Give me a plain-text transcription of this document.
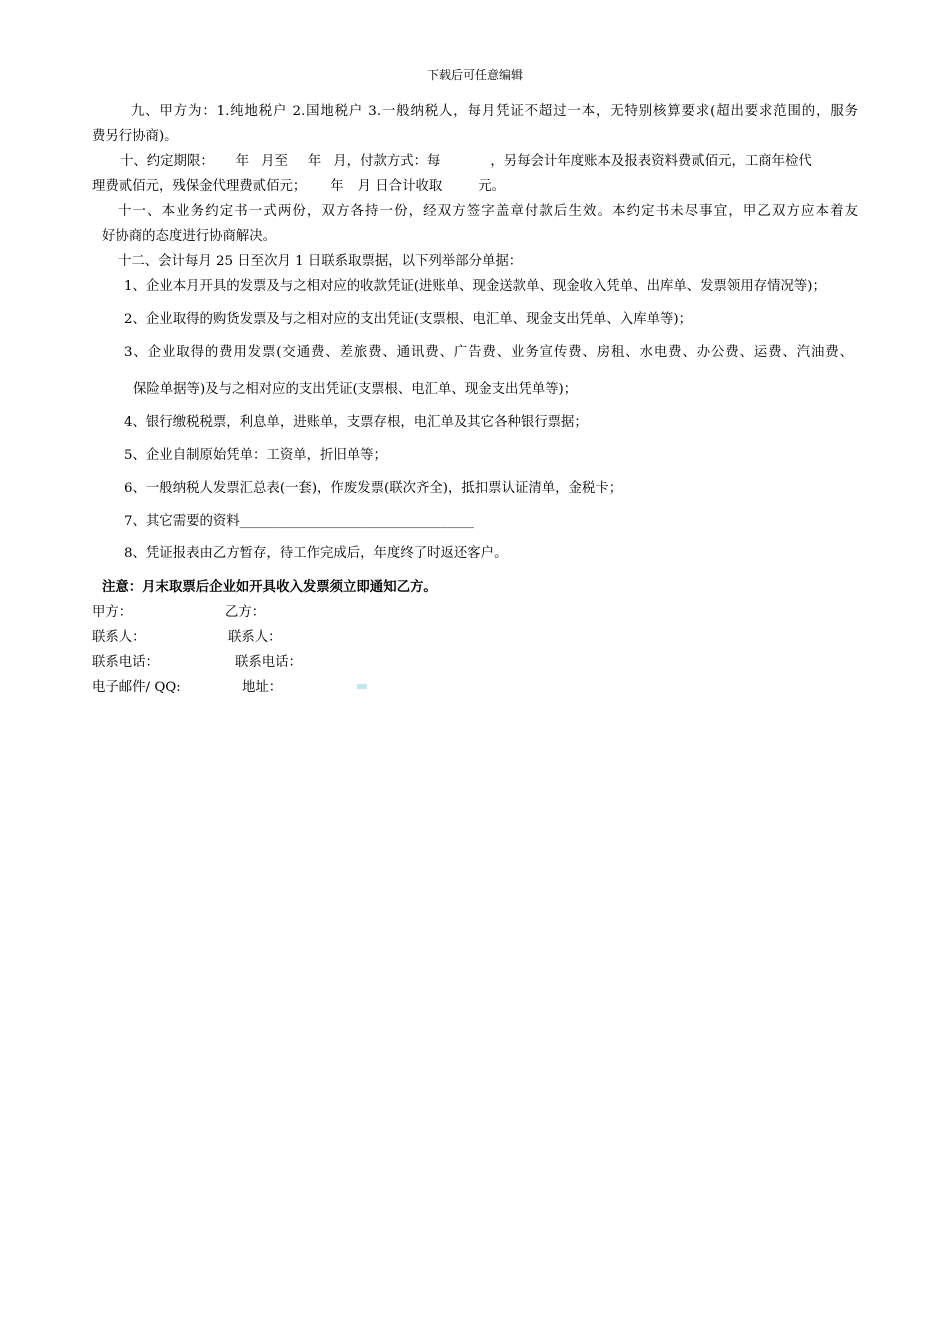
下载后可任意编辑
九、甲方为：1.纯地税户 2.国地税户 3.一般纳税人，每月凭证不超过一本，无特别核算要求(超出要求范围的，服务
费另行协商)。
十、约定期限： 年 月至 年 月，付款方式：每	，另每会计年度账本及报表资料费贰佰元，工商年检代
理费贰佰元，残保金代理费贰佰元； 年 月 日合计收取	元。
十一、本业务约定书一式两份，双方各持一份，经双方签字盖章付款后生效。本约定书未尽事宜，甲乙双方应本着友
好协商的态度进行协商解决。
十二、会计每月 25 日至次月 1 日联系取票据，以下列举部分单据：
1、企业本月开具的发票及与之相对应的收款凭证(进账单、现金送款单、现金收入凭单、出库单、发票领用存情况等)；
2、企业取得的购货发票及与之相对应的支出凭证(支票根、电汇单、现金支出凭单、入库单等)；
3、企业取得的费用发票(交通费、差旅费、通讯费、广告费、业务宣传费、房租、水电费、办公费、运费、汽油费、
保险单据等)及与之相对应的支出凭证(支票根、电汇单、现金支出凭单等)；
4、银行缴税税票，利息单，进账单，支票存根，电汇单及其它各种银行票据；
5、企业自制原始凭单：工资单，折旧单等；
6、一般纳税人发票汇总表(一套)，作废发票(联次齐全)，抵扣票认证清单，金税卡；
7、其它需要的资料___________________________________
8、凭证报表由乙方暂存，待工作完成后，年度终了时返还客户。
注意：月末取票后企业如开具收入发票须立即通知乙方。
甲方：	乙方：
联系人：	联系人：
联系电话：	联系电话：
电子邮件/ QQ:	地址：
